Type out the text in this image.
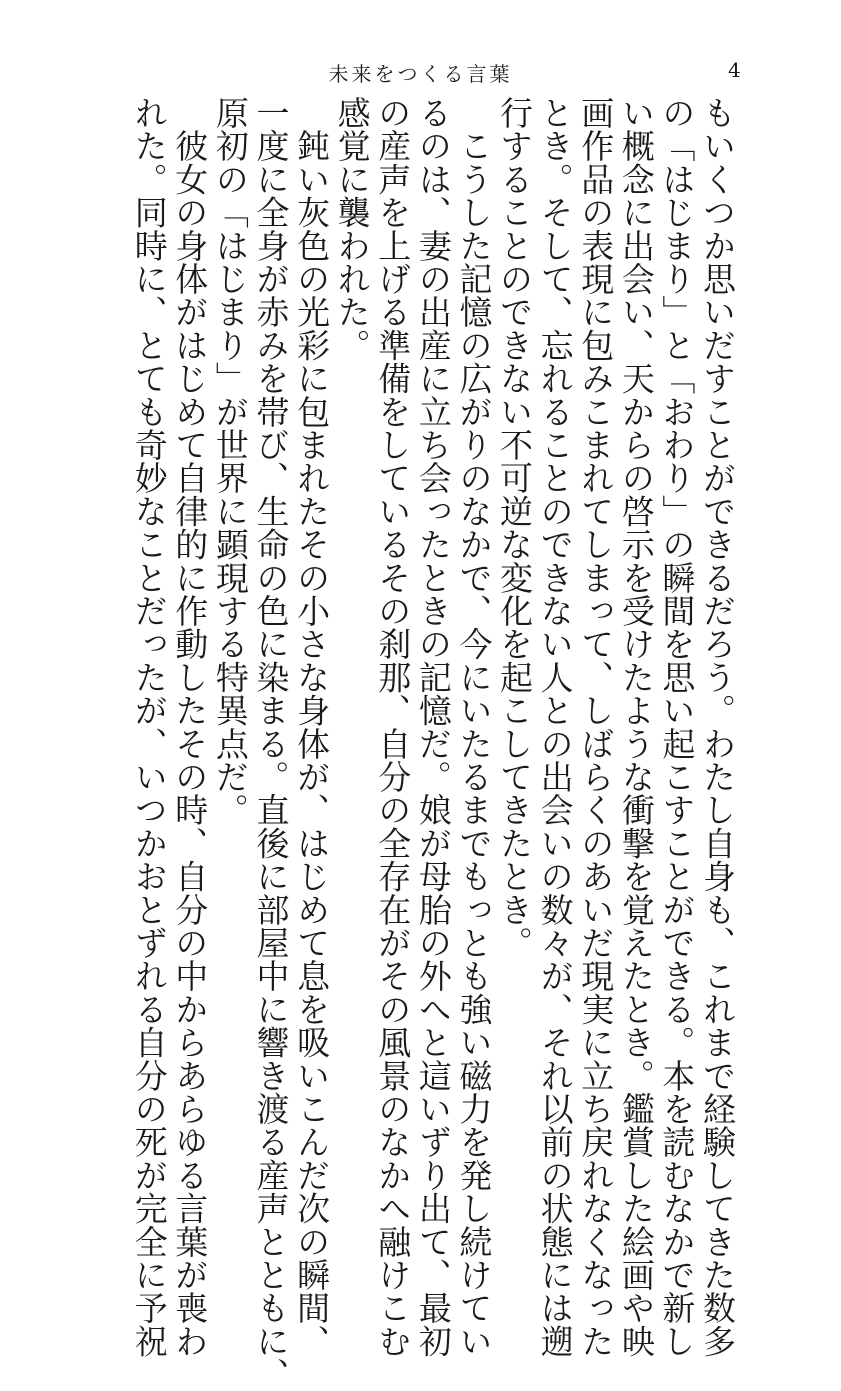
未来をつくる言葉	4

もいくつか思いだすことができるだろう。わたし自身も、これまで経験してきた数多
の「はじまり」と「おわり」の瞬間を思い起こすことができる。本を読むなかで新し
い概念に出会い、天からの啓示を受けたような衝撃を覚えたとき。鑑賞した絵画や映
画作品の表現に包みこまれてしまって、しばらくのあいだ現実に立ち戻れなくなった
とき。そして、忘れることのできない人との出会いの数々が、それ以前の状態には遡
行することのできない不可逆な変化を起こしてきたとき。

　こうした記憶の広がりのなかで、今にいたるまでもっとも強い磁力を発し続けてい
るのは、妻の出産に立ち会ったときの記憶だ。娘が母胎の外へと這いずり出て、最初
の産声を上げる準備をしているその刹那、自分の全存在がその風景のなかへ融けこむ
感覚に襲われた。

　鈍い灰色の光彩に包まれたその小さな身体が、はじめて息を吸いこんだ次の瞬間、
一度に全身が赤みを帯び、生命の色に染まる。直後に部屋中に響き渡る産声とともに、
原初の「はじまり」が世界に顕現する特異点だ。

　彼女の身体がはじめて自律的に作動したその時、自分の中からあらゆる言葉が喪わ
れた。同時に、とても奇妙なことだったが、いつかおとずれる自分の死が完全に予祝
